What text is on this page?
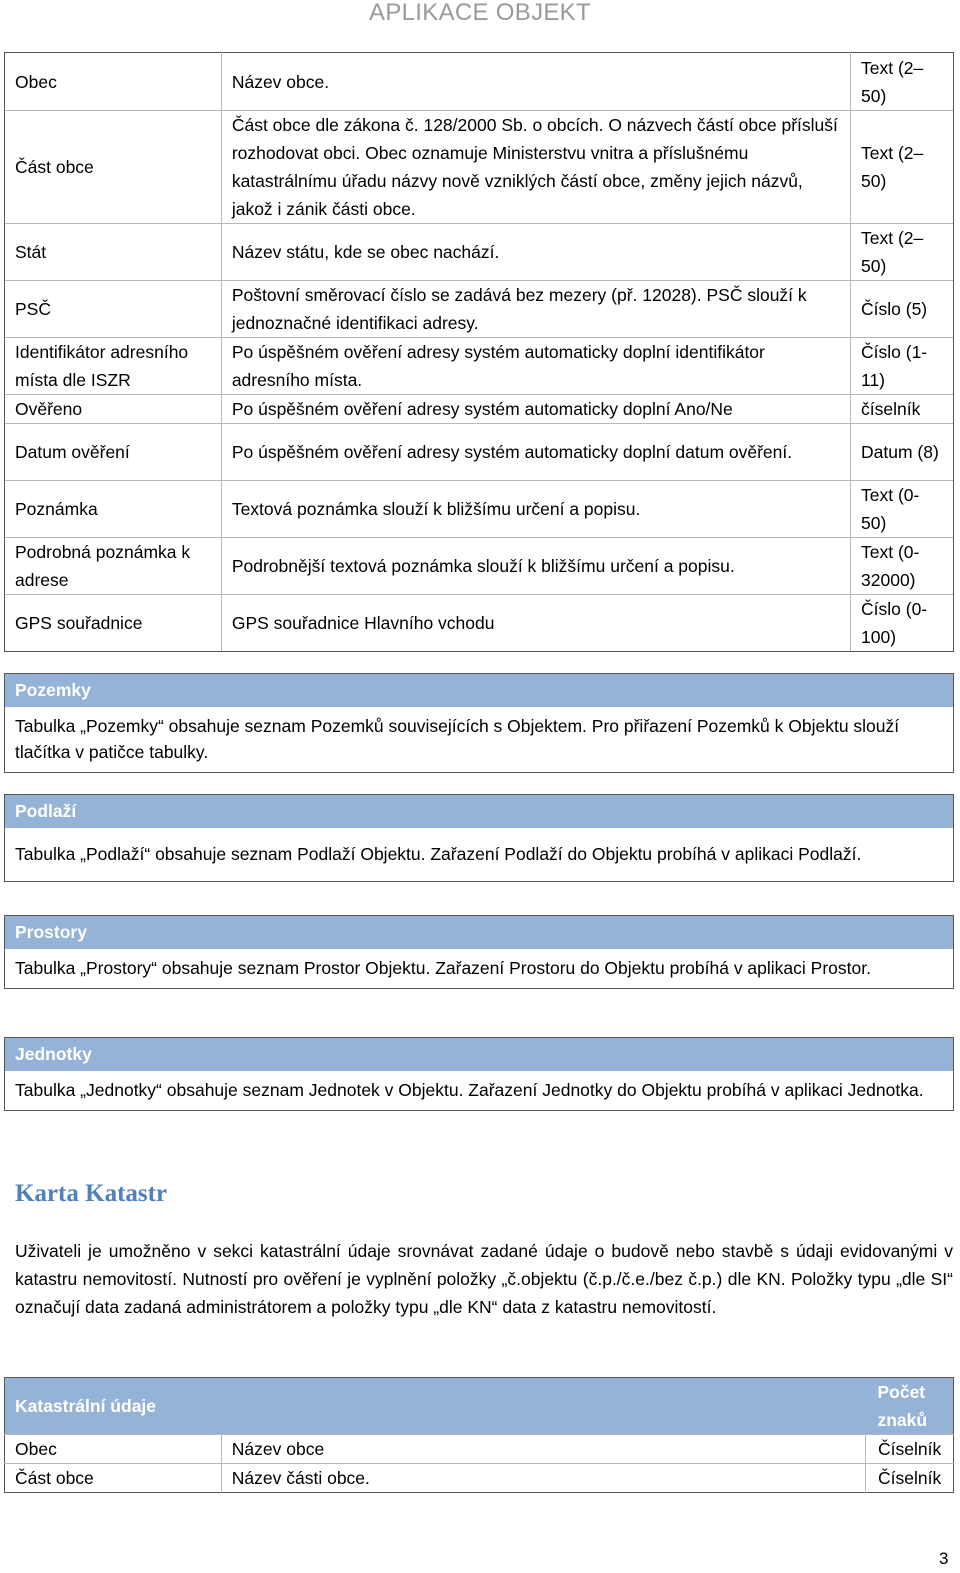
APLIKACE OBJEKT
Obec	Název obce.	Text (2–50)
Část obce	Část obce dle zákona č. 128/2000 Sb. o obcích. O názvech částí obce přísluší rozhodovat obci. Obec oznamuje Ministerstvu vnitra a příslušnému katastrálnímu úřadu názvy nově vzniklých částí obce, změny jejich názvů, jakož i zánik části obce.	Text (2–50)
Stát	Název státu, kde se obec nachází.	Text (2–50)
PSČ	Poštovní směrovací číslo se zadává bez mezery (př. 12028). PSČ slouží k jednoznačné identifikaci adresy.	Číslo (5)
Identifikátor adresního místa dle ISZR	Po úspěšném ověření adresy systém automaticky doplní identifikátor adresního místa.	Číslo (1-11)
Ověřeno	Po úspěšném ověření adresy systém automaticky doplní Ano/Ne	číselník
Datum ověření	Po úspěšném ověření adresy systém automaticky doplní datum ověření.	Datum (8)
Poznámka	Textová poznámka slouží k bližšímu určení a popisu.	Text (0-50)
Podrobná poznámka k adrese	Podrobnější textová poznámka slouží k bližšímu určení a popisu.	Text (0-32000)
GPS souřadnice	GPS souřadnice Hlavního vchodu	Číslo (0-100)
Pozemky
Tabulka „Pozemky“ obsahuje seznam Pozemků souvisejících s Objektem. Pro přiřazení Pozemků k Objektu slouží tlačítka v patičce tabulky.
Podlaží
Tabulka „Podlaží“ obsahuje seznam Podlaží Objektu. Zařazení Podlaží do Objektu probíhá v aplikaci Podlaží.
Prostory
Tabulka „Prostory“ obsahuje seznam Prostor Objektu. Zařazení Prostoru do Objektu probíhá v aplikaci Prostor.
Jednotky
Tabulka „Jednotky“ obsahuje seznam Jednotek v Objektu. Zařazení Jednotky do Objektu probíhá v aplikaci Jednotka.
Karta Katastr
Uživateli je umožněno v sekci katastrální údaje srovnávat zadané údaje o budově nebo stavbě s údaji evidovanými v katastru nemovitostí. Nutností pro ověření je vyplnění položky „č.objektu (č.p./č.e./bez č.p.) dle KN. Položky typu „dle SI“ označují data zadaná administrátorem a položky typu „dle KN“ data z katastru nemovitostí.
Katastrální údaje		Počet znaků
Obec	Název obce	Číselník
Část obce	Název části obce.	Číselník
3
